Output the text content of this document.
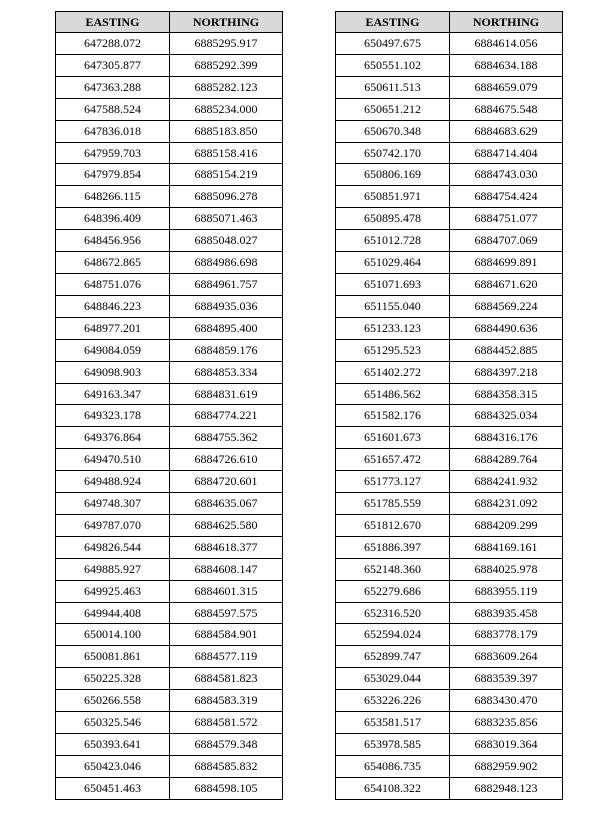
EASTING	NORTHING
647288.072	6885295.917
647305.877	6885292.399
647363.288	6885282.123
647588.524	6885234.000
647836.018	6885183.850
647959.703	6885158.416
647979.854	6885154.219
648266.115	6885096.278
648396.409	6885071.463
648456.956	6885048.027
648672.865	6884986.698
648751.076	6884961.757
648846.223	6884935.036
648977.201	6884895.400
649084.059	6884859.176
649098.903	6884853.334
649163.347	6884831.619
649323.178	6884774.221
649376.864	6884755.362
649470.510	6884726.610
649488.924	6884720.601
649748.307	6884635.067
649787.070	6884625.580
649826.544	6884618.377
649885.927	6884608.147
649925.463	6884601.315
649944.408	6884597.575
650014.100	6884584.901
650081.861	6884577.119
650225.328	6884581.823
650266.558	6884583.319
650325.546	6884581.572
650393.641	6884579.348
650423.046	6884585.832
650451.463	6884598.105
EASTING	NORTHING
650497.675	6884614.056
650551.102	6884634.188
650611.513	6884659.079
650651.212	6884675.548
650670.348	6884683.629
650742.170	6884714.404
650806.169	6884743.030
650851.971	6884754.424
650895.478	6884751.077
651012.728	6884707.069
651029.464	6884699.891
651071.693	6884671.620
651155.040	6884569.224
651233.123	6884490.636
651295.523	6884452.885
651402.272	6884397.218
651486.562	6884358.315
651582.176	6884325.034
651601.673	6884316.176
651657.472	6884289.764
651773.127	6884241.932
651785.559	6884231.092
651812.670	6884209.299
651886.397	6884169.161
652148.360	6884025.978
652279.686	6883955.119
652316.520	6883935.458
652594.024	6883778.179
652899.747	6883609.264
653029.044	6883539.397
653226.226	6883430.470
653581.517	6883235.856
653978.585	6883019.364
654086.735	6882959.902
654108.322	6882948.123
